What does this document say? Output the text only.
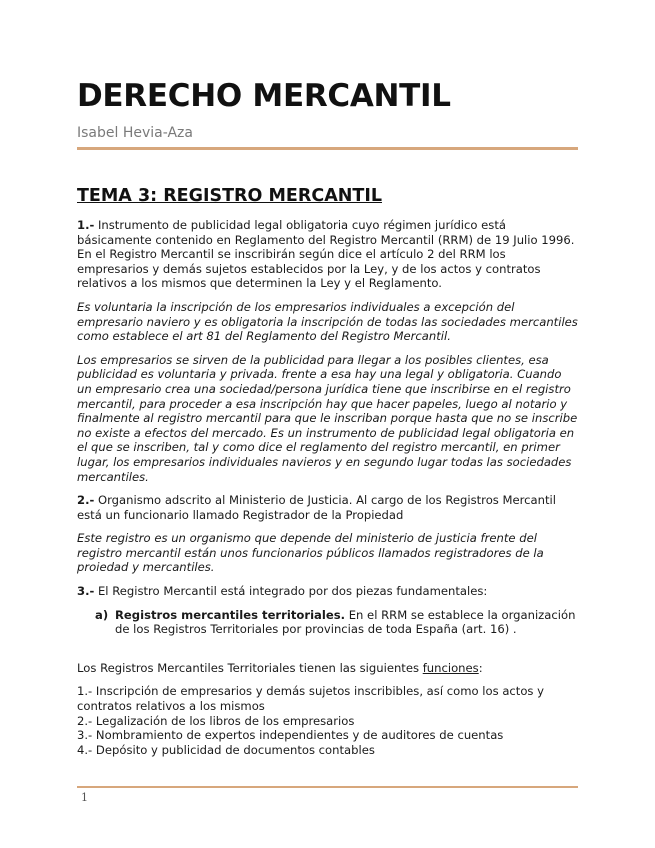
DERECHO MERCANTIL
Isabel Hevia-Aza
TEMA 3: REGISTRO MERCANTIL

1.- Instrumento de publicidad legal obligatoria cuyo régimen jurídico está básicamente contenido en Reglamento del Registro Mercantil (RRM) de 19 Julio 1996. En el Registro Mercantil se inscribirán según dice el artículo 2 del RRM los empresarios y demás sujetos establecidos por la Ley, y de los actos y contratos relativos a los mismos que determinen la Ley y el Reglamento.

Es voluntaria la inscripción de los empresarios individuales a excepción del empresario naviero y es obligatoria la inscripción de todas las sociedades mercantiles como establece el art 81 del Reglamento del Registro Mercantil.

Los empresarios se sirven de la publicidad para llegar a los posibles clientes, esa publicidad es voluntaria y privada. frente a esa hay una legal y obligatoria. Cuando un empresario crea una sociedad/persona jurídica tiene que inscribirse en el registro mercantil, para proceder a esa inscripción hay que hacer papeles, luego al notario y finalmente al registro mercantil para que le inscriban porque hasta que no se inscribe no existe a efectos del mercado. Es un instrumento de publicidad legal obligatoria en el que se inscriben, tal y como dice el reglamento del registro mercantil, en primer lugar, los empresarios individuales navieros y en segundo lugar todas las sociedades mercantiles.

2.- Organismo adscrito al Ministerio de Justicia. Al cargo de los Registros Mercantil está un funcionario llamado Registrador de la Propiedad

Este registro es un organismo que depende del ministerio de justicia frente del registro mercantil están unos funcionarios públicos llamados registradores de la proiedad y mercantiles.

3.- El Registro Mercantil está integrado por dos piezas fundamentales:

a) Registros mercantiles territoriales. En el RRM se establece la organización de los Registros Territoriales por provincias de toda España (art. 16) .

Los Registros Mercantiles Territoriales tienen las siguientes funciones:

1.- Inscripción de empresarios y demás sujetos inscribibles, así como los actos y contratos relativos a los mismos
2.- Legalización de los libros de los empresarios
3.- Nombramiento de expertos independientes y de auditores de cuentas
4.- Depósito y publicidad de documentos contables
1
